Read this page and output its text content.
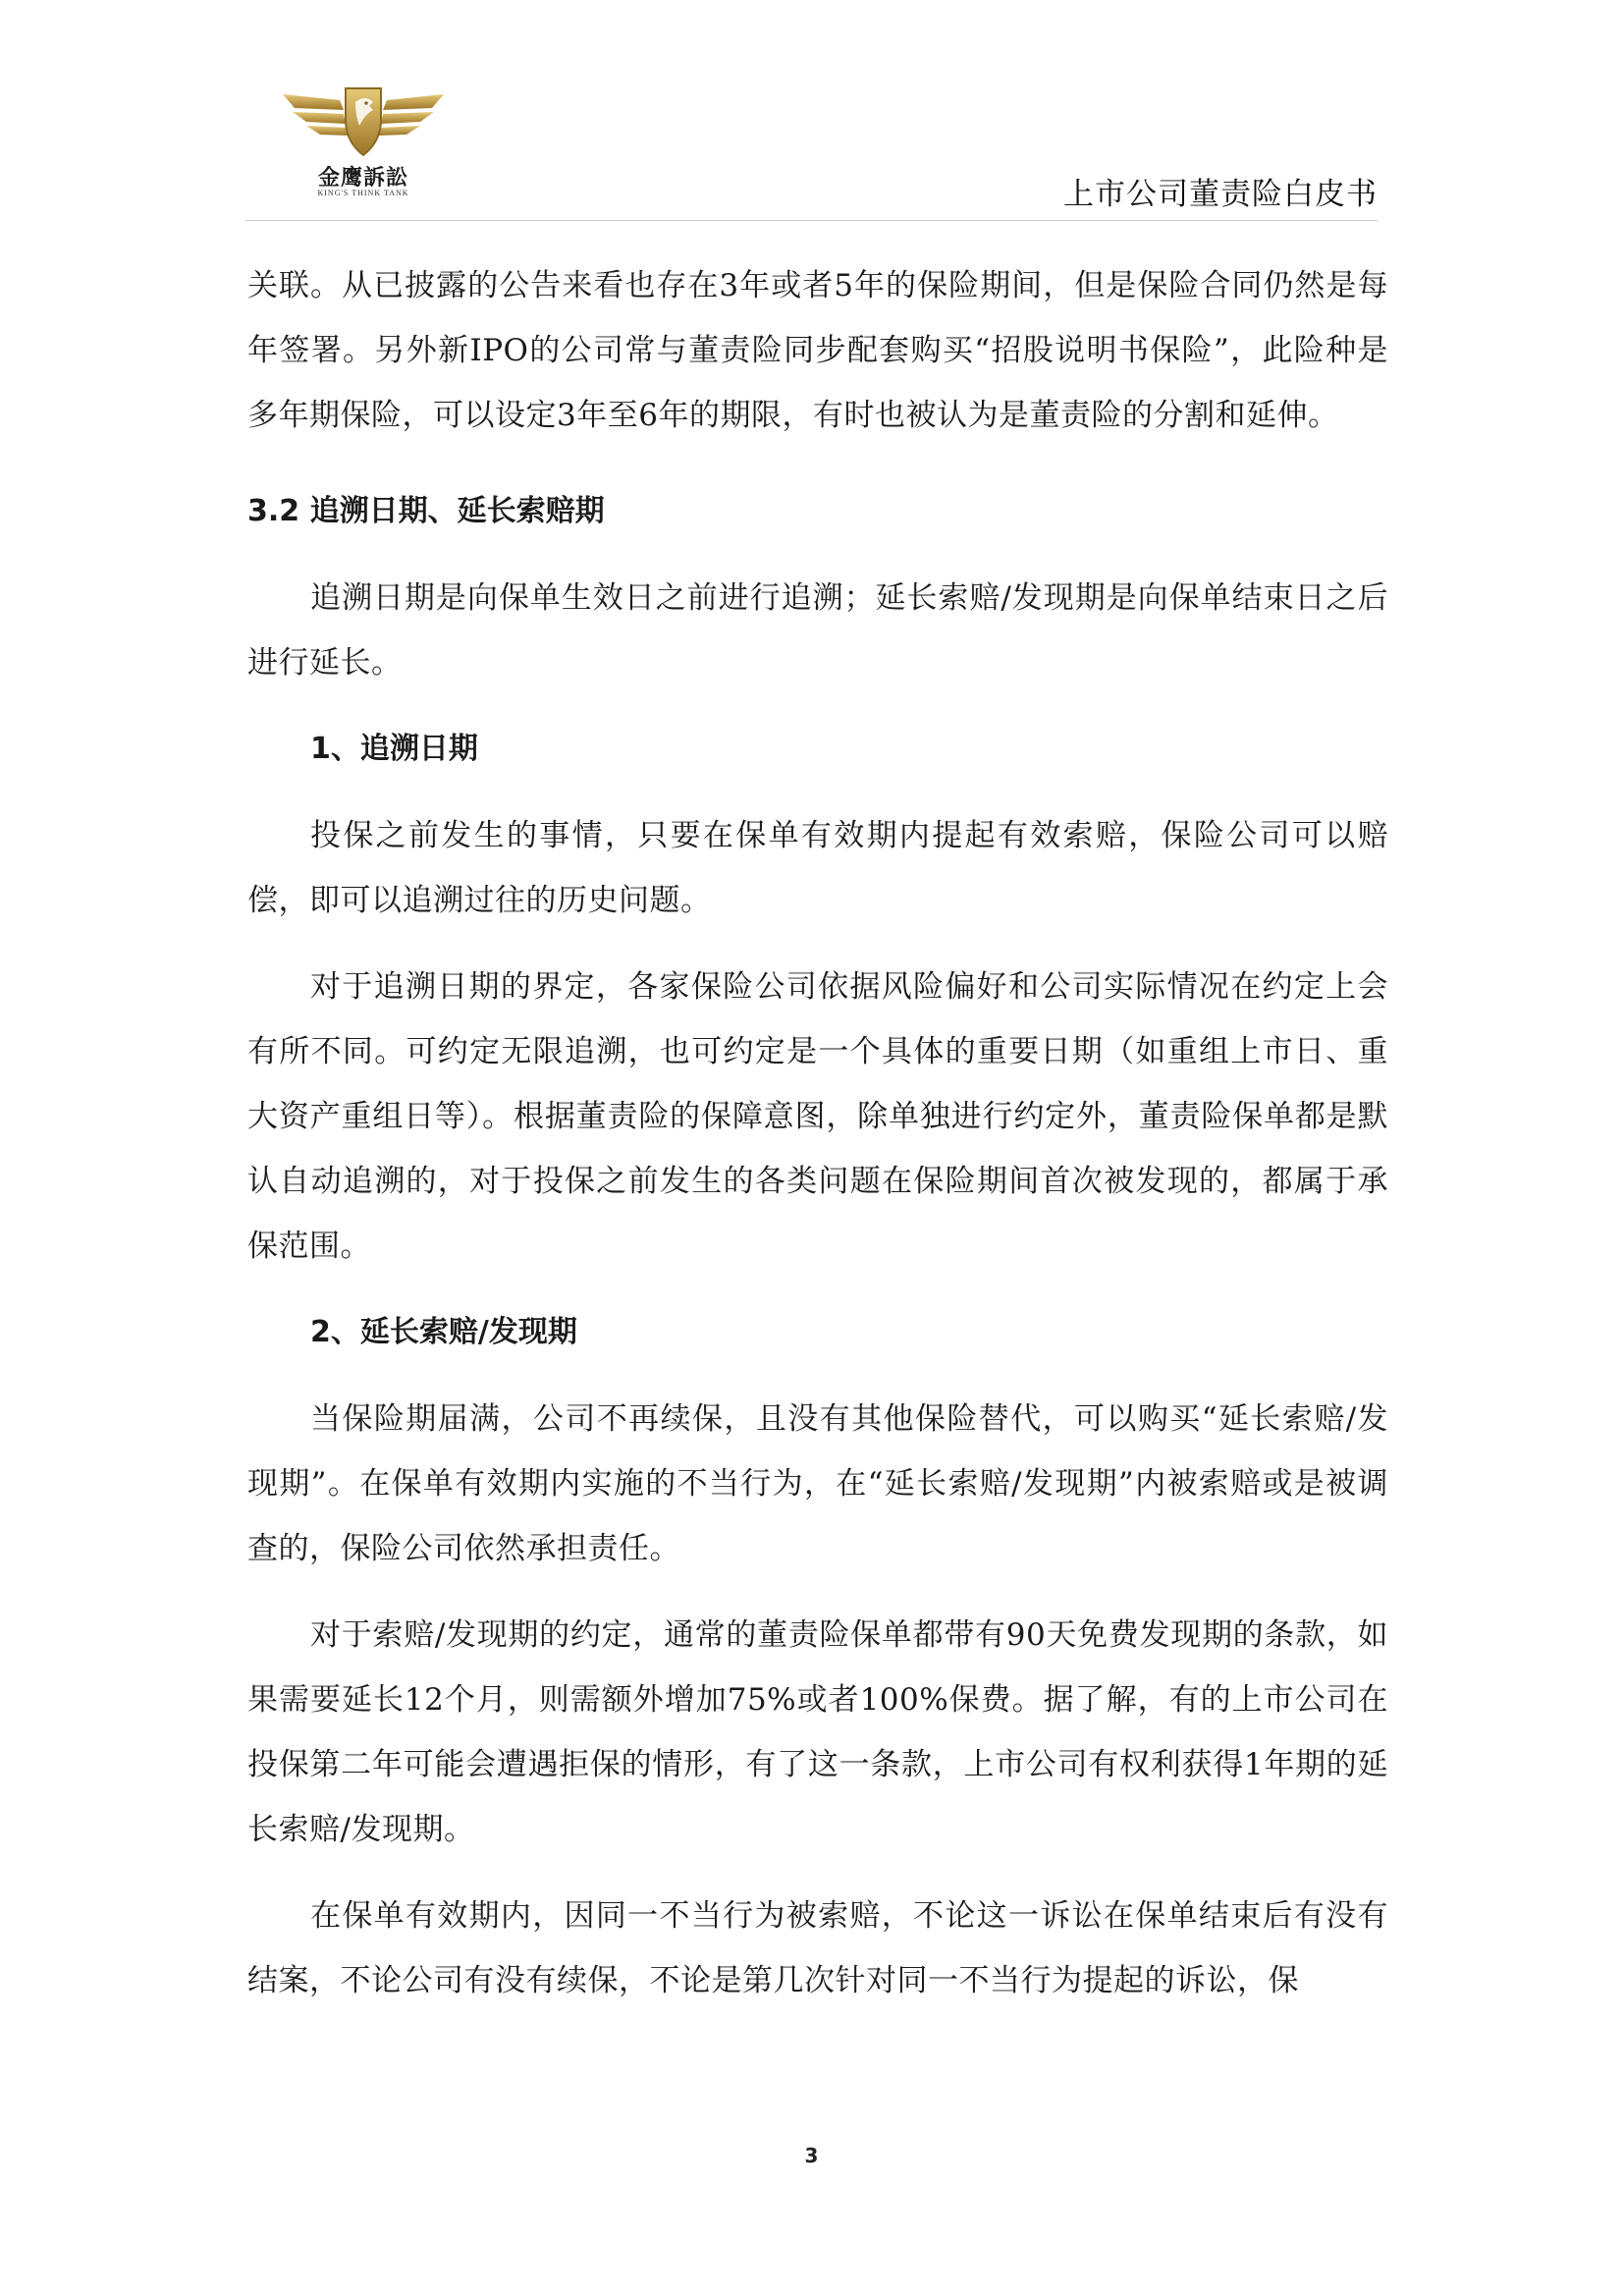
金鹰訴訟
KING'S THINK TANK	上市公司董责险白皮书

关联。从已披露的公告来看也存在3年或者5年的保险期间，但是保险合同仍然是每年签署。另外新IPO的公司常与董责险同步配套购买“招股说明书保险”，此险种是多年期保险，可以设定3年至6年的期限，有时也被认为是董责险的分割和延伸。

3.2 追溯日期、延长索赔期

追溯日期是向保单生效日之前进行追溯；延长索赔/发现期是向保单结束日之后进行延长。

1、追溯日期

投保之前发生的事情，只要在保单有效期内提起有效索赔，保险公司可以赔偿，即可以追溯过往的历史问题。

对于追溯日期的界定，各家保险公司依据风险偏好和公司实际情况在约定上会有所不同。可约定无限追溯，也可约定是一个具体的重要日期（如重组上市日、重大资产重组日等）。根据董责险的保障意图，除单独进行约定外，董责险保单都是默认自动追溯的，对于投保之前发生的各类问题在保险期间首次被发现的，都属于承保范围。

2、延长索赔/发现期

当保险期届满，公司不再续保，且没有其他保险替代，可以购买“延长索赔/发现期”。在保单有效期内实施的不当行为，在“延长索赔/发现期”内被索赔或是被调查的，保险公司依然承担责任。

对于索赔/发现期的约定，通常的董责险保单都带有90天免费发现期的条款，如果需要延长12个月，则需额外增加75%或者100%保费。据了解，有的上市公司在投保第二年可能会遭遇拒保的情形，有了这一条款，上市公司有权利获得1年期的延长索赔/发现期。

在保单有效期内，因同一不当行为被索赔，不论这一诉讼在保单结束后有没有结案，不论公司有没有续保，不论是第几次针对同一不当行为提起的诉讼，保

3
